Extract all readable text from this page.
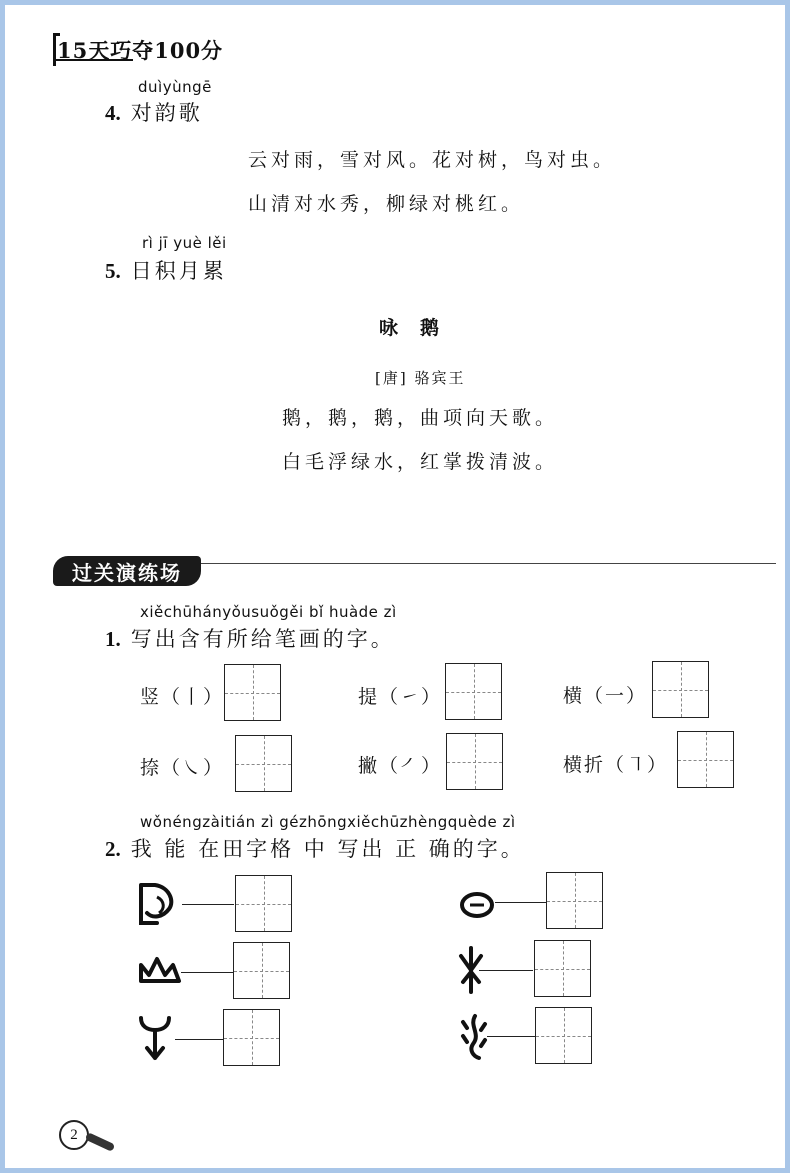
15天巧夺100分
duìyùngē
4. 对韵歌
云对雨，雪对风。花对树，鸟对虫。
山清对水秀，柳绿对桃红。
rì jī yuè lěi
5. 日积月累
咏鹅
[唐] 骆宾王
鹅，鹅，鹅，曲项向天歌。
白毛浮绿水，红掌拨清波。
过关演练场
xiěchūhányǒusuǒgěi bǐ huàde zì
1. 写出含有所给笔画的字。
竖（丨）	提（㇀）	横（一）
捺（㇏）	撇（㇒）	横折（㇕）
wǒnéngzàitián zì gézhōngxiěchūzhèngquède zì
2. 我 能 在田字格 中 写出 正 确的字。
2
